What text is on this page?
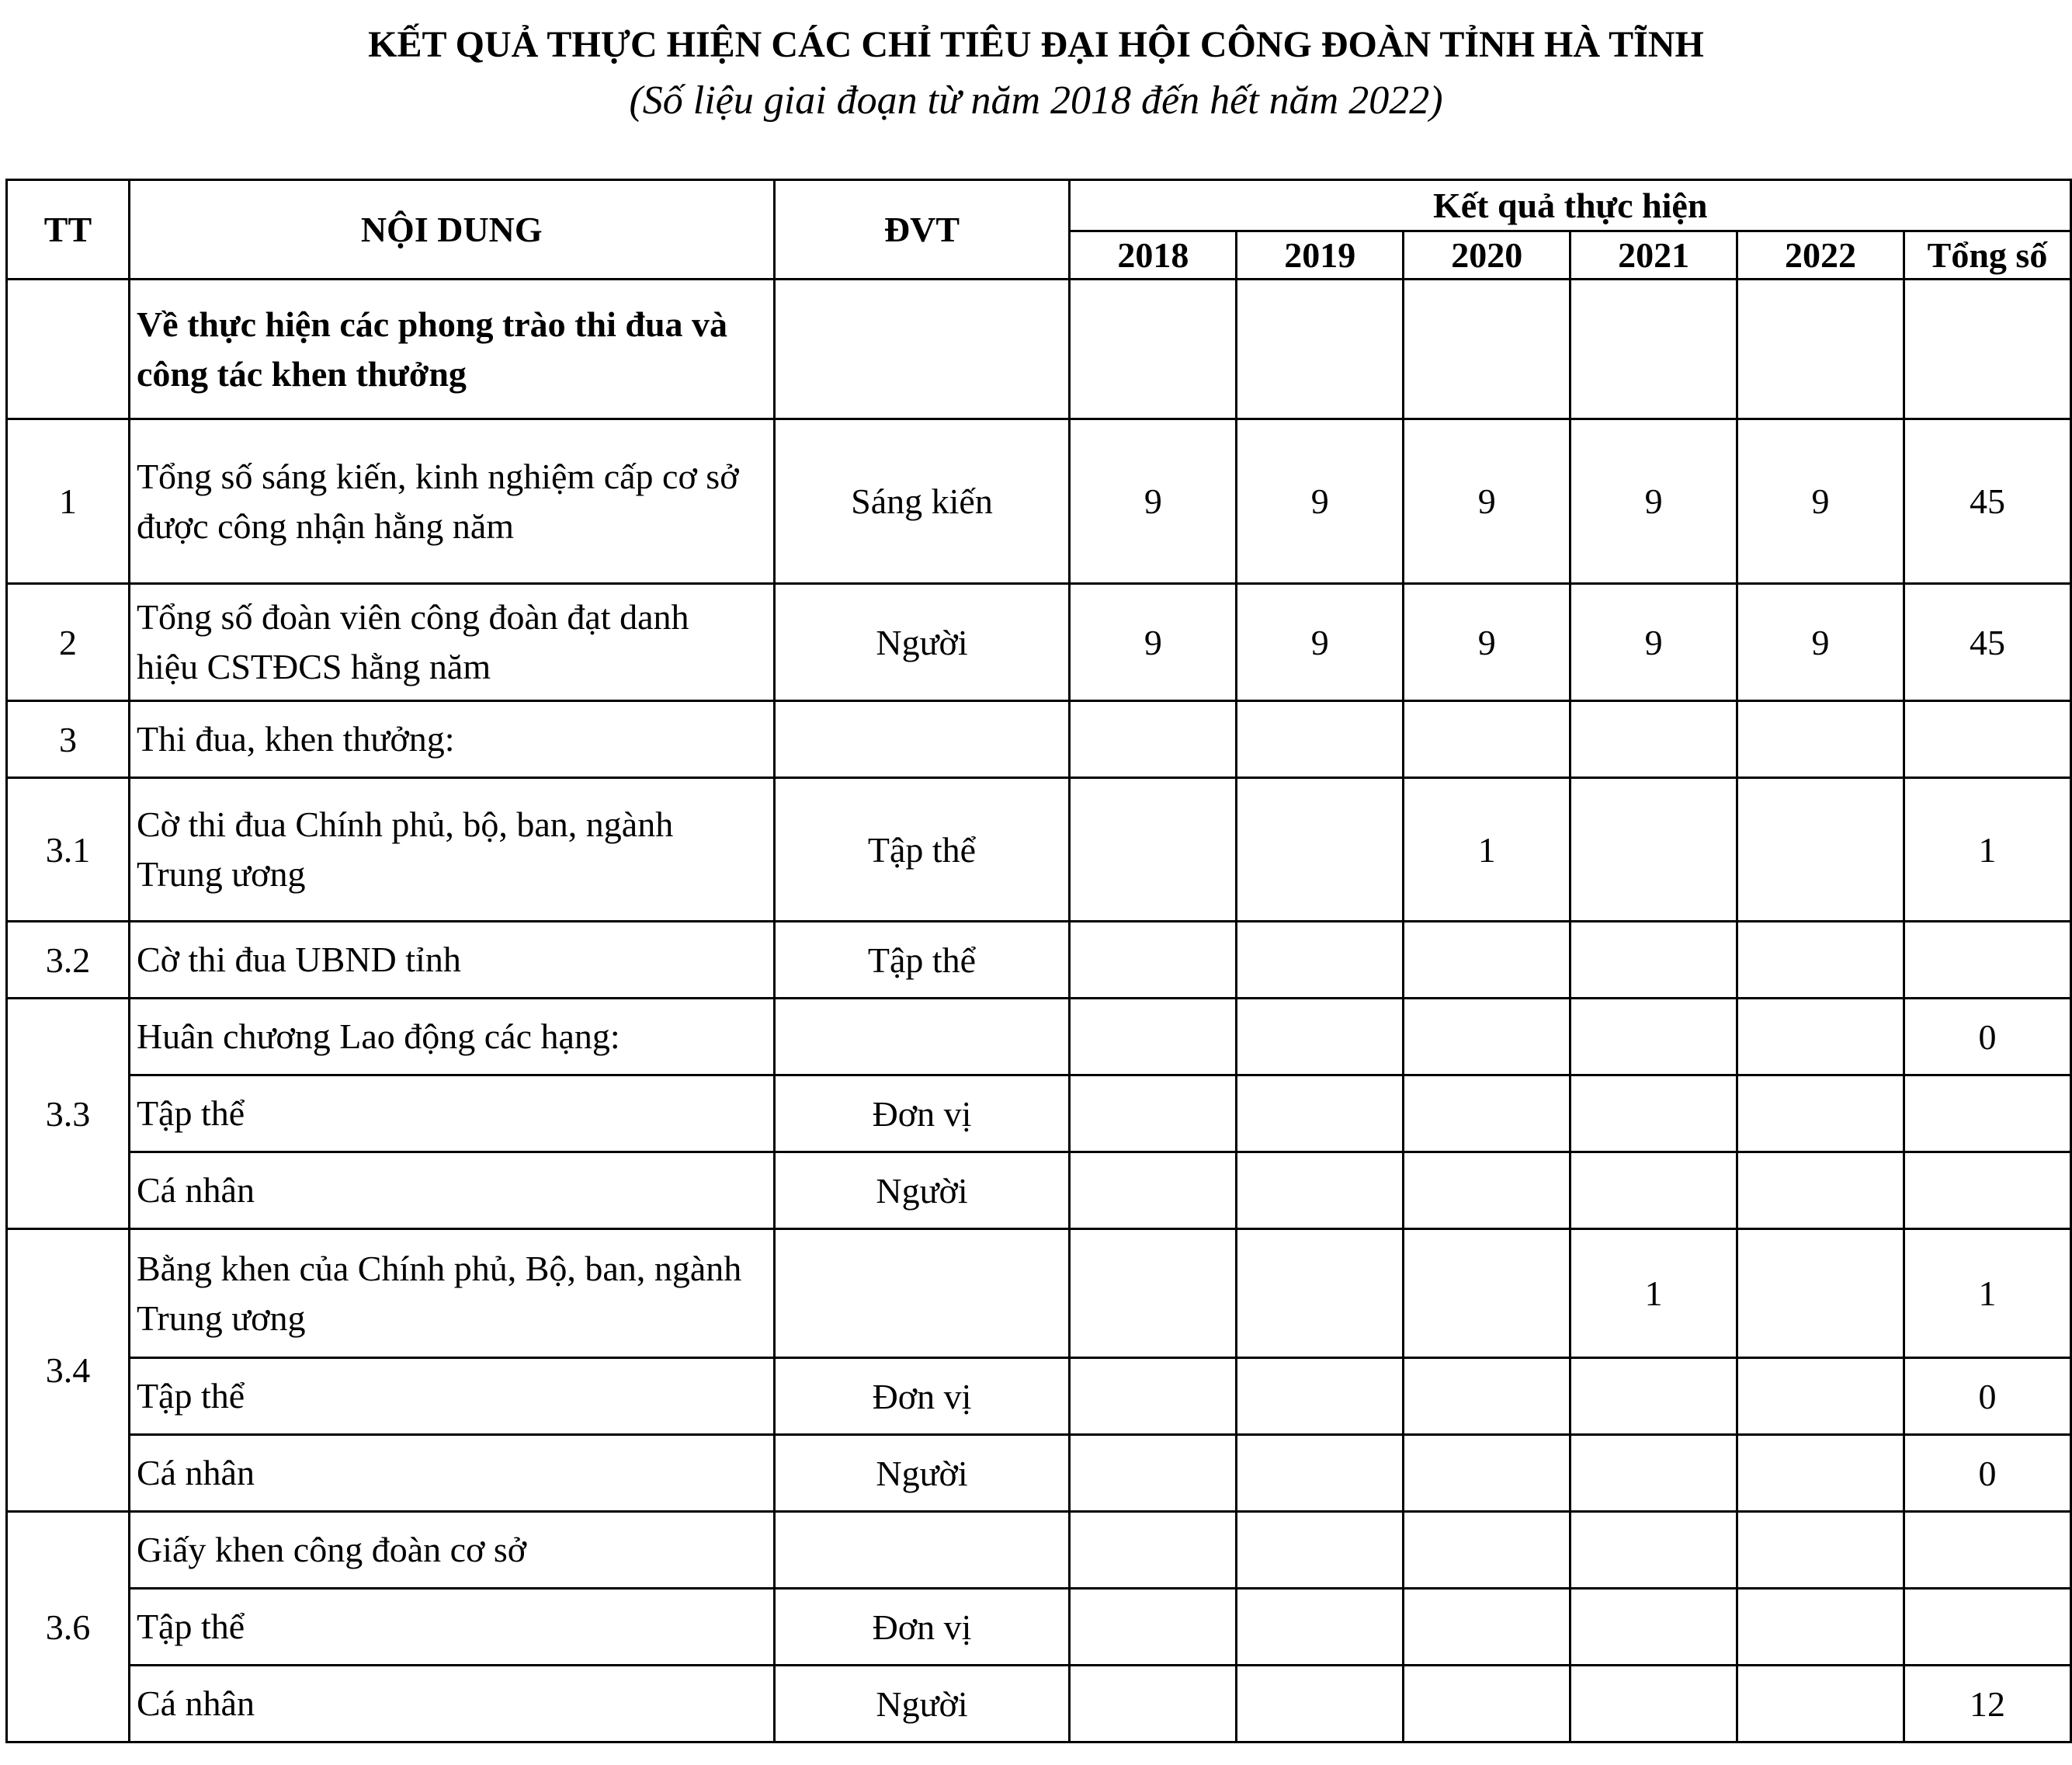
KẾT QUẢ THỰC HIỆN CÁC CHỈ TIÊU ĐẠI HỘI CÔNG ĐOÀN TỈNH HÀ TĨNH
(Số liệu giai đoạn từ năm 2018 đến hết năm 2022)
TT	NỘI DUNG	ĐVT	Kết quả thực hiện					
			2018	2019	2020	2021	2022	Tổng số
	Về thực hiện các phong trào thi đua và công tác khen thưởng							
1	Tổng số sáng kiến, kinh nghiệm cấp cơ sở được công nhận hằng năm	Sáng kiến	9	9	9	9	9	45
2	Tổng số đoàn viên công đoàn đạt danh hiệu CSTĐCS hằng năm	Người	9	9	9	9	9	45
3	Thi đua, khen thưởng:							
3.1	Cờ thi đua Chính phủ, bộ, ban, ngành Trung ương	Tập thể			1			1
3.2	Cờ thi đua UBND tỉnh	Tập thể						
3.3	Huân chương Lao động các hạng:							0
	Tập thể	Đơn vị						
	Cá nhân	Người						
3.4	Bằng khen của Chính phủ, Bộ, ban, ngành Trung ương					1		1
	Tập thể	Đơn vị						0
	Cá nhân	Người						0
3.6	Giấy khen công đoàn cơ sở							
	Tập thể	Đơn vị						
	Cá nhân	Người						12
